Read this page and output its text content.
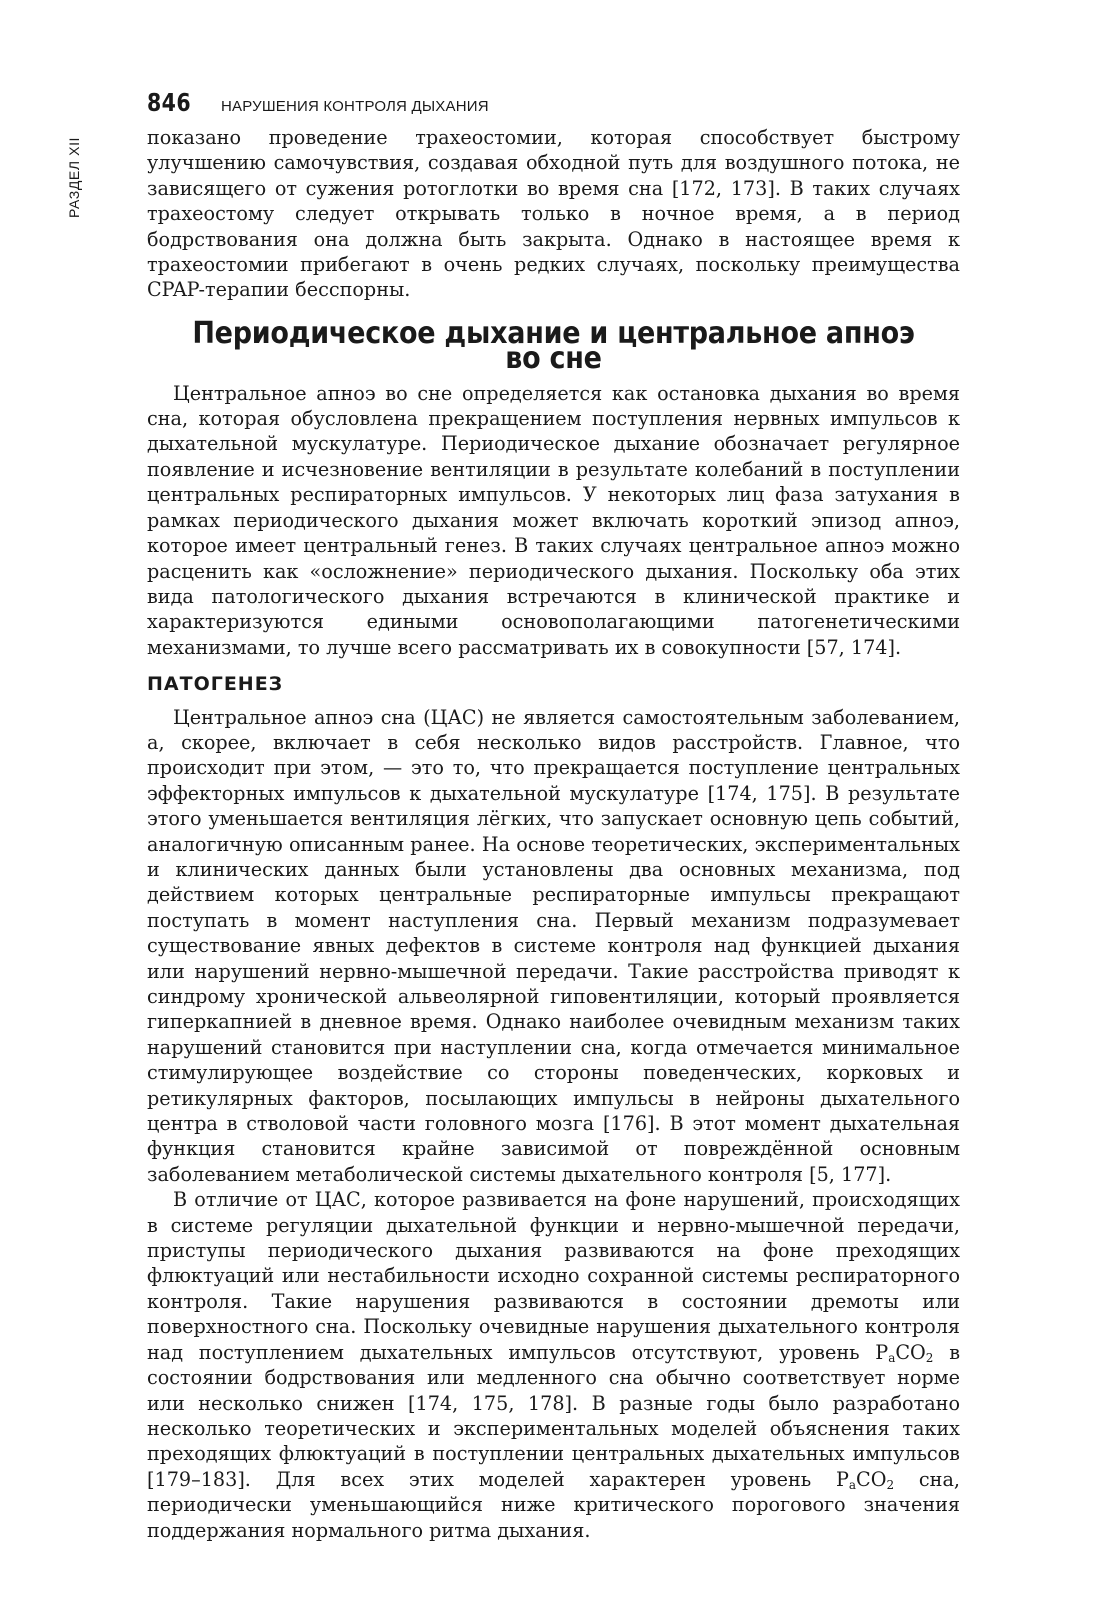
846 НАРУШЕНИЯ КОНТРОЛЯ ДЫХАНИЯ
РАЗДЕЛ XII	показано проведение трахеостомии, которая способствует быстрому улучшению самочувствия, создавая обходной путь для воздушного потока, не зависящего от сужения ротоглотки во время сна [172, 173]. В таких случаях трахеостому следует открывать только в ночное время, а в период бодрствования она должна быть закрыта. Однако в настоящее время к трахеостомии прибегают в очень редких случаях, поскольку преимущества CPAP-терапии бесспорны.

Периодическое дыхание и центральное апноэ во сне

Центральное апноэ во сне определяется как остановка дыхания во время сна, которая обусловлена прекращением поступления нервных импульсов к дыхательной мускулатуре. Периодическое дыхание обозначает регулярное появление и исчезновение вентиляции в результате колебаний в поступлении центральных респираторных импульсов. У некоторых лиц фаза затухания в рамках периодического дыхания может включать короткий эпизод апноэ, которое имеет центральный генез. В таких случаях центральное апноэ можно расценить как «осложнение» периодического дыхания. Поскольку оба этих вида патологического дыхания встречаются в клинической практике и характеризуются едиными основополагающими патогенетическими механизмами, то лучше всего рассматривать их в совокупности [57, 174].

ПАТОГЕНЕЗ

Центральное апноэ сна (ЦАС) не является самостоятельным заболеванием, а, скорее, включает в себя несколько видов расстройств. Главное, что происходит при этом, — это то, что прекращается поступление центральных эффекторных импульсов к дыхательной мускулатуре [174, 175]. В результате этого уменьшается вентиляция лёгких, что запускает основную цепь событий, аналогичную описанным ранее. На основе теоретических, экспериментальных и клинических данных были установлены два основных механизма, под действием которых центральные респираторные импульсы прекращают поступать в момент наступления сна. Первый механизм подразумевает существование явных дефектов в системе контроля над функцией дыхания или нарушений нервно-мышечной передачи. Такие расстройства приводят к синдрому хронической альвеолярной гиповентиляции, который проявляется гиперкапнией в дневное время. Однако наиболее очевидным механизм таких нарушений становится при наступлении сна, когда отмечается минимальное стимулирующее воздействие со стороны поведенческих, корковых и ретикулярных факторов, посылающих импульсы в нейроны дыхательного центра в стволовой части головного мозга [176]. В этот момент дыхательная функция становится крайне зависимой от повреждённой основным заболеванием метаболической системы дыхательного контроля [5, 177].

В отличие от ЦАС, которое развивается на фоне нарушений, происходящих в системе регуляции дыхательной функции и нервно-мышечной передачи, приступы периодического дыхания развиваются на фоне преходящих флюктуаций или нестабильности исходно сохранной системы респираторного контроля. Такие нарушения развиваются в состоянии дремоты или поверхностного сна. Поскольку очевидные нарушения дыхательного контроля над поступлением дыхательных импульсов отсутствуют, уровень $P_aCO_2$ в состоянии бодрствования или медленного сна обычно соответствует норме или несколько снижен [174, 175, 178]. В разные годы было разработано несколько теоретических и экспериментальных моделей объяснения таких преходящих флюктуаций в поступлении центральных дыхательных импульсов [179–183]. Для всех этих моделей характерен уровень $P_aCO_2$ сна, периодически уменьшающийся ниже критического порогового значения поддержания нормального ритма дыхания.
